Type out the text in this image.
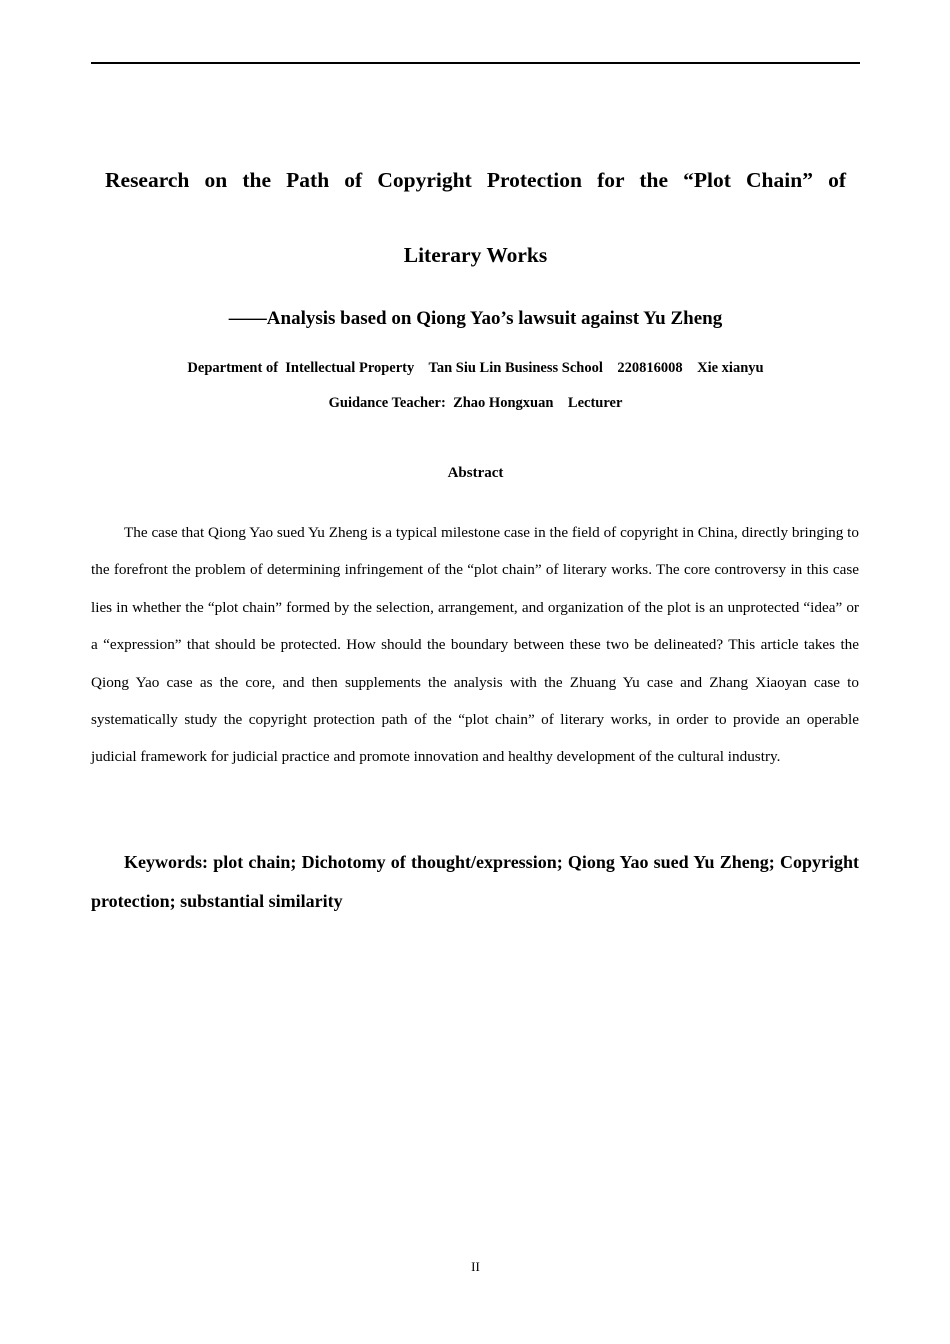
Research on the Path of Copyright Protection for the “Plot Chain” of
Literary Works
——Analysis based on Qiong Yao’s lawsuit against Yu Zheng
Department of  Intellectual Property    Tan Siu Lin Business School    220816008    Xie xianyu
Guidance Teacher:  Zhao Hongxuan    Lecturer
Abstract

The case that Qiong Yao sued Yu Zheng is a typical milestone case in the field of copyright in China, directly bringing to the forefront the problem of determining infringement of the “plot chain” of literary works. The core controversy in this case lies in whether the “plot chain” formed by the selection, arrangement, and organization of the plot is an unprotected “idea” or a “expression” that should be protected. How should the boundary between these two be delineated? This article takes the Qiong Yao case as the core, and then supplements the analysis with the Zhuang Yu case and Zhang Xiaoyan case to systematically study the copyright protection path of the “plot chain” of literary works, in order to provide an operable judicial framework for judicial practice and promote innovation and healthy development of the cultural industry.

Keywords: plot chain; Dichotomy of thought/expression; Qiong Yao sued Yu Zheng; Copyright protection; substantial similarity

II
